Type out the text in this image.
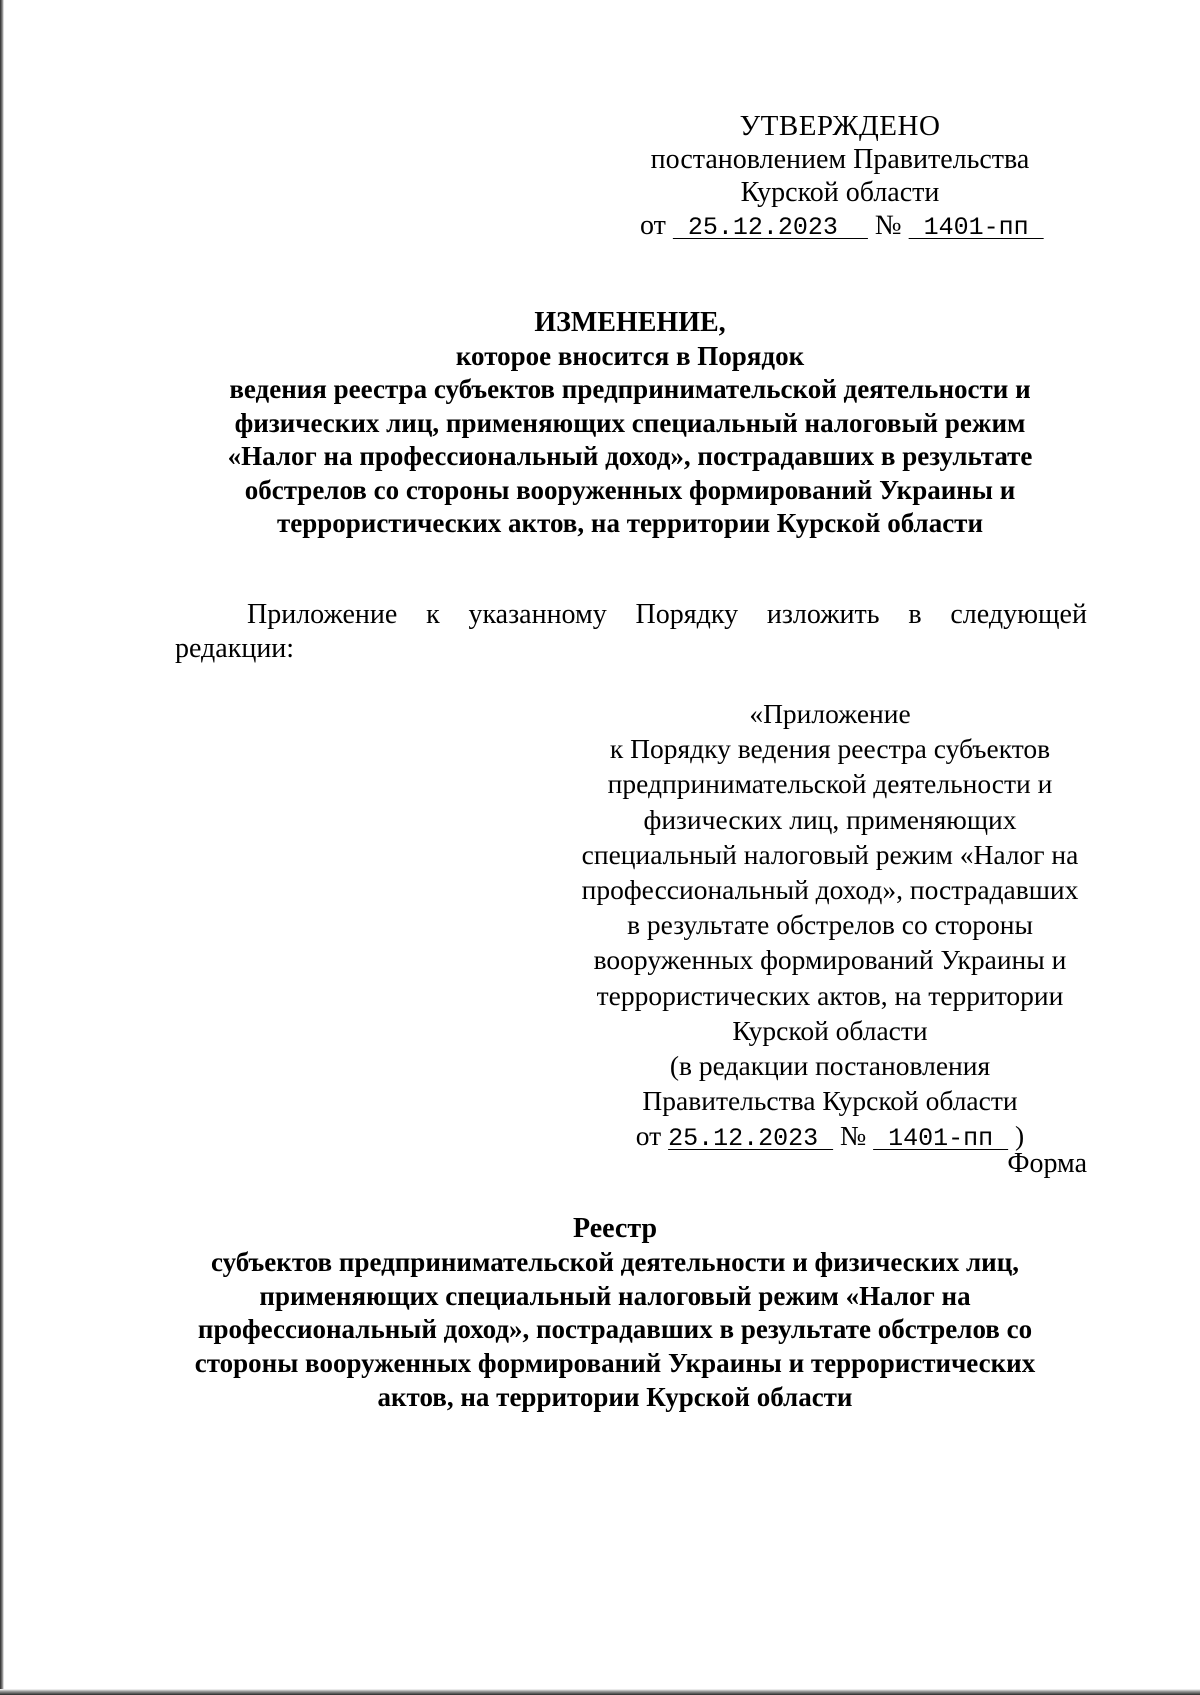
УТВЕРЖДЕНО
постановлением Правительства
Курской области
от  25.12.2023   №  1401-пп
ИЗМЕНЕНИЕ,
которое вносится в Порядок
ведения реестра субъектов предпринимательской деятельности и
физических лиц, применяющих специальный налоговый режим
«Налог на профессиональный доход», пострадавших в результате
обстрелов со стороны вооруженных формирований Украины и
террористических актов, на территории Курской области
Приложение к указанному Порядку изложить в следующей
редакции:
«Приложение
к Порядку ведения реестра субъектов
предпринимательской деятельности и
физических лиц, применяющих
специальный налоговый режим «Налог на
профессиональный доход», пострадавших
в результате обстрелов со стороны
вооруженных формирований Украины и
террористических актов, на территории
Курской области
(в редакции постановления
Правительства Курской области
от 25.12.2023  №  1401-пп  )
Форма
Реестр
субъектов предпринимательской деятельности и физических лиц,
применяющих специальный налоговый режим «Налог на
профессиональный доход», пострадавших в результате обстрелов со
стороны вооруженных формирований Украины и террористических
актов, на территории Курской области
